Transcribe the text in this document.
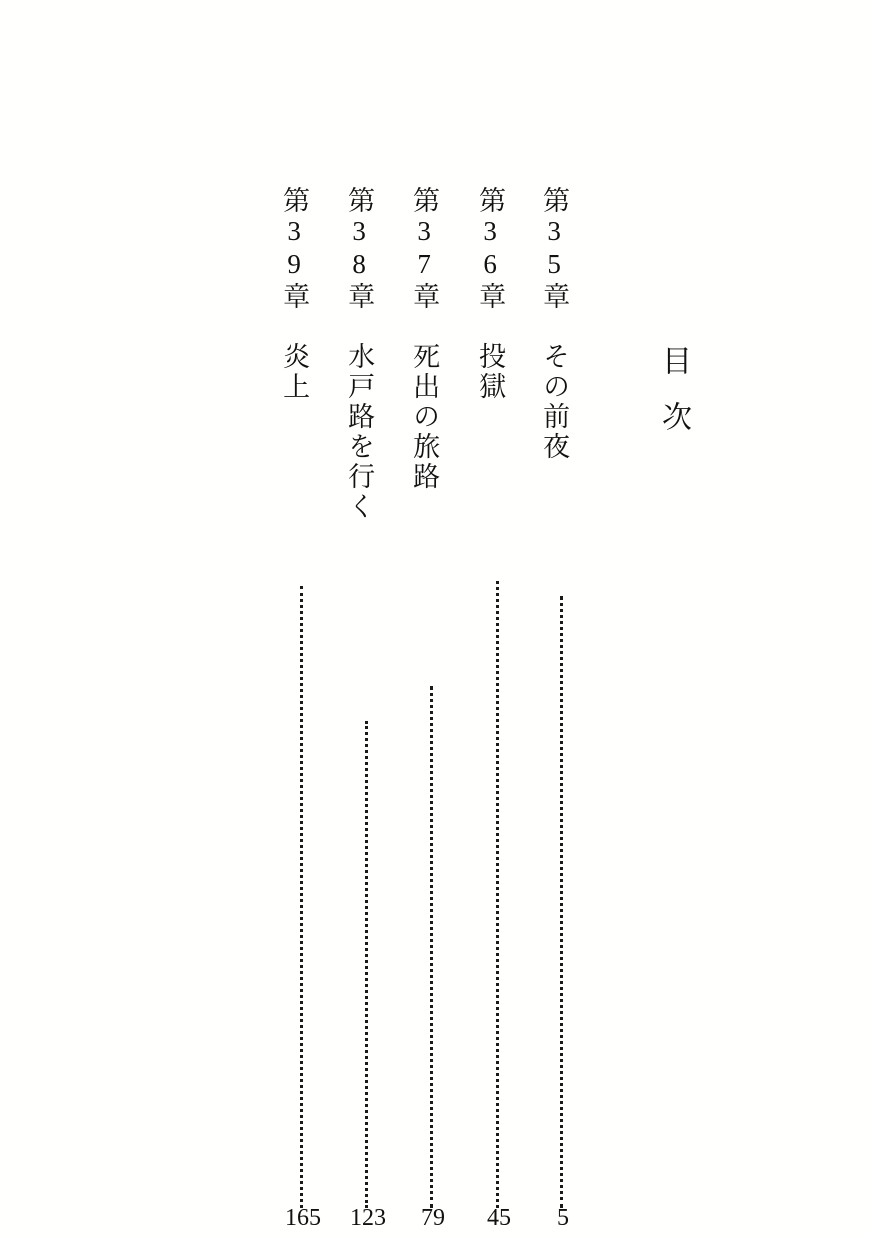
目次
第35章　その前夜
5
第36章　投獄
45
第37章　死出の旅路
79
第38章　水戸路を行く
123
第39章　炎上
165
